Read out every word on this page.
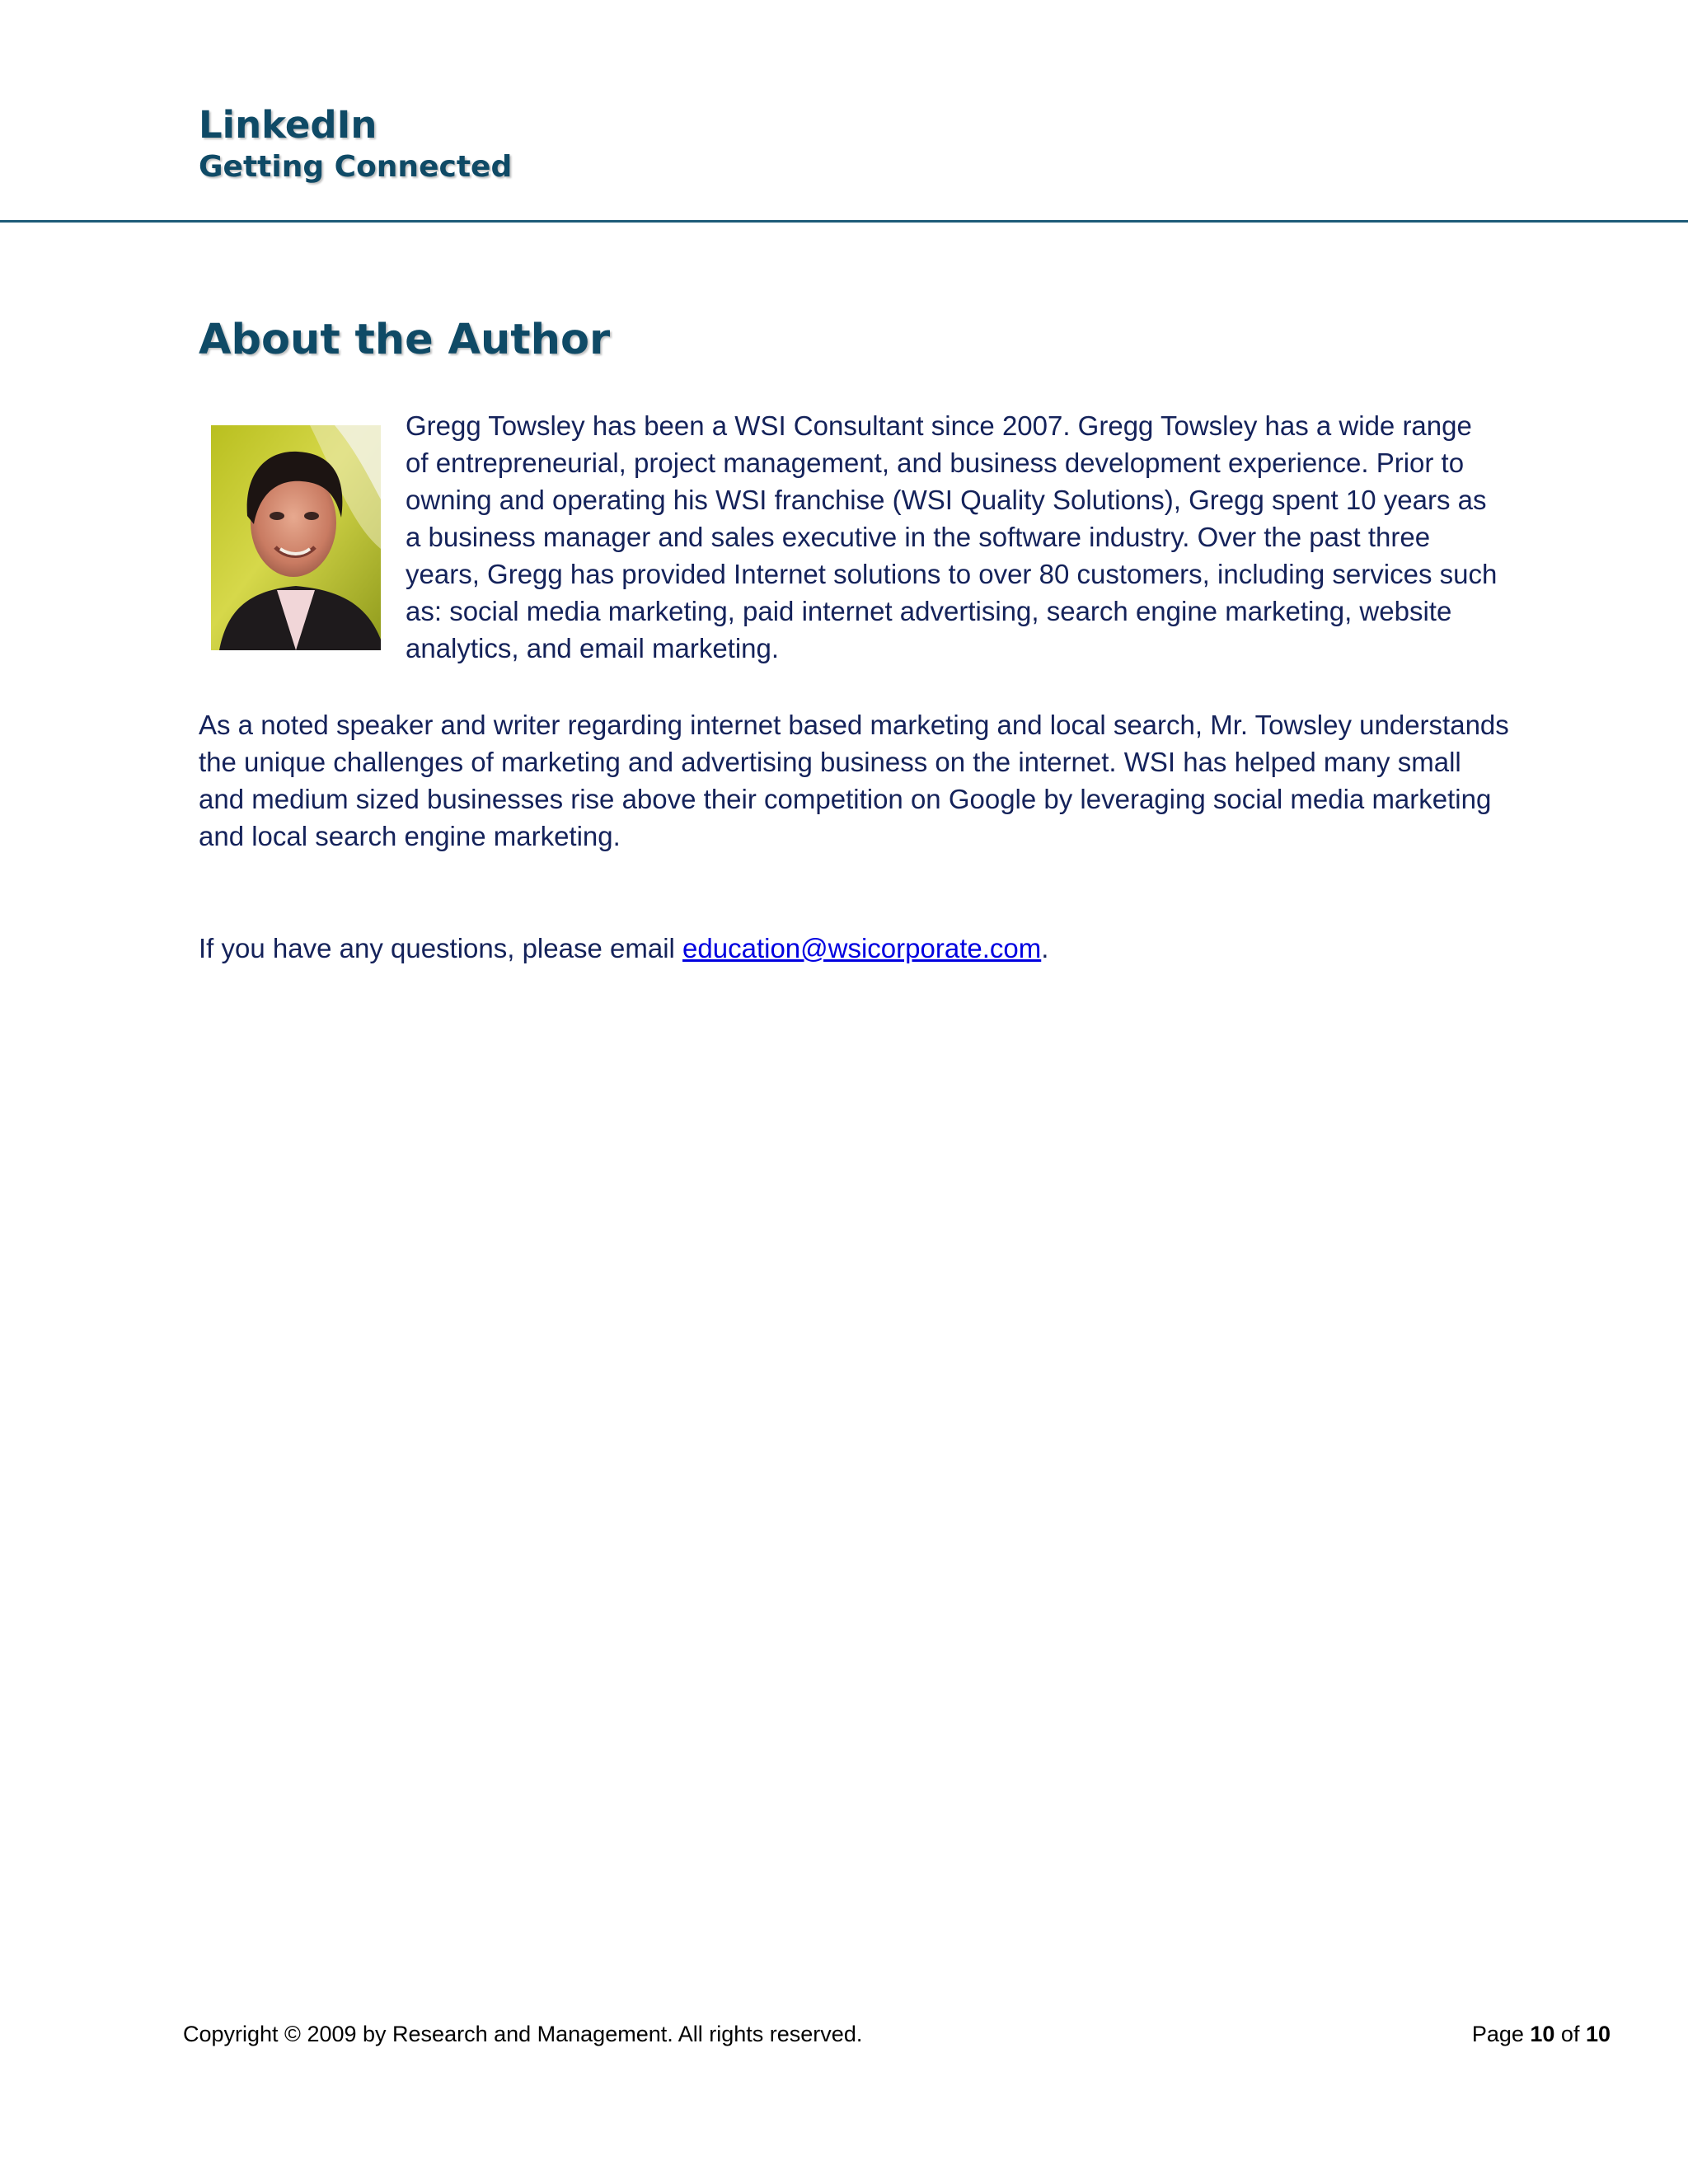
LinkedIn
Getting Connected
About the Author

Gregg Towsley has been a WSI Consultant since 2007. Gregg Towsley has a wide range of entrepreneurial, project management, and business development experience. Prior to owning and operating his WSI franchise (WSI Quality Solutions), Gregg spent 10 years as a business manager and sales executive in the software industry. Over the past three years, Gregg has provided Internet solutions to over 80 customers, including services such as: social media marketing, paid internet advertising, search engine marketing, website analytics, and email marketing.

As a noted speaker and writer regarding internet based marketing and local search, Mr. Towsley understands the unique challenges of marketing and advertising business on the internet. WSI has helped many small and medium sized businesses rise above their competition on Google by leveraging social media marketing and local search engine marketing.

If you have any questions, please email education@wsicorporate.com.

Copyright © 2009 by Research and Management. All rights reserved.	Page 10 of 10
